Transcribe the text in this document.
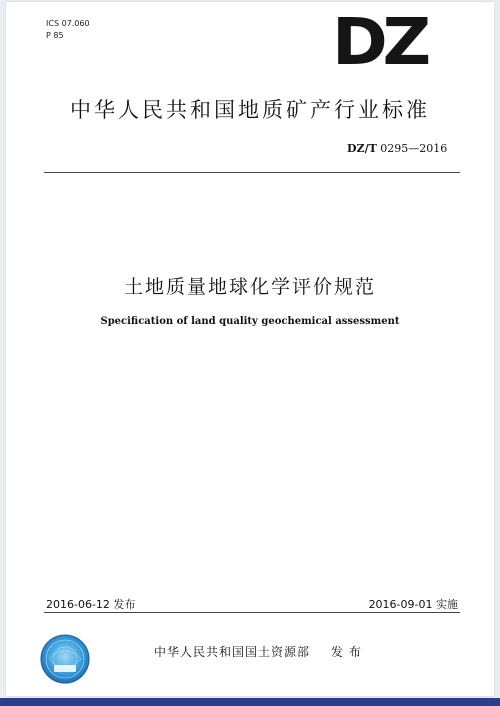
ICS 07.060
P 85	DZ
中华人民共和国地质矿产行业标准
DZ/T 0295—2016
土地质量地球化学评价规范
Specification of land quality geochemical assessment
2016-06-12 发布	2016-09-01 实施
中华人民共和国国土资源部 发布
